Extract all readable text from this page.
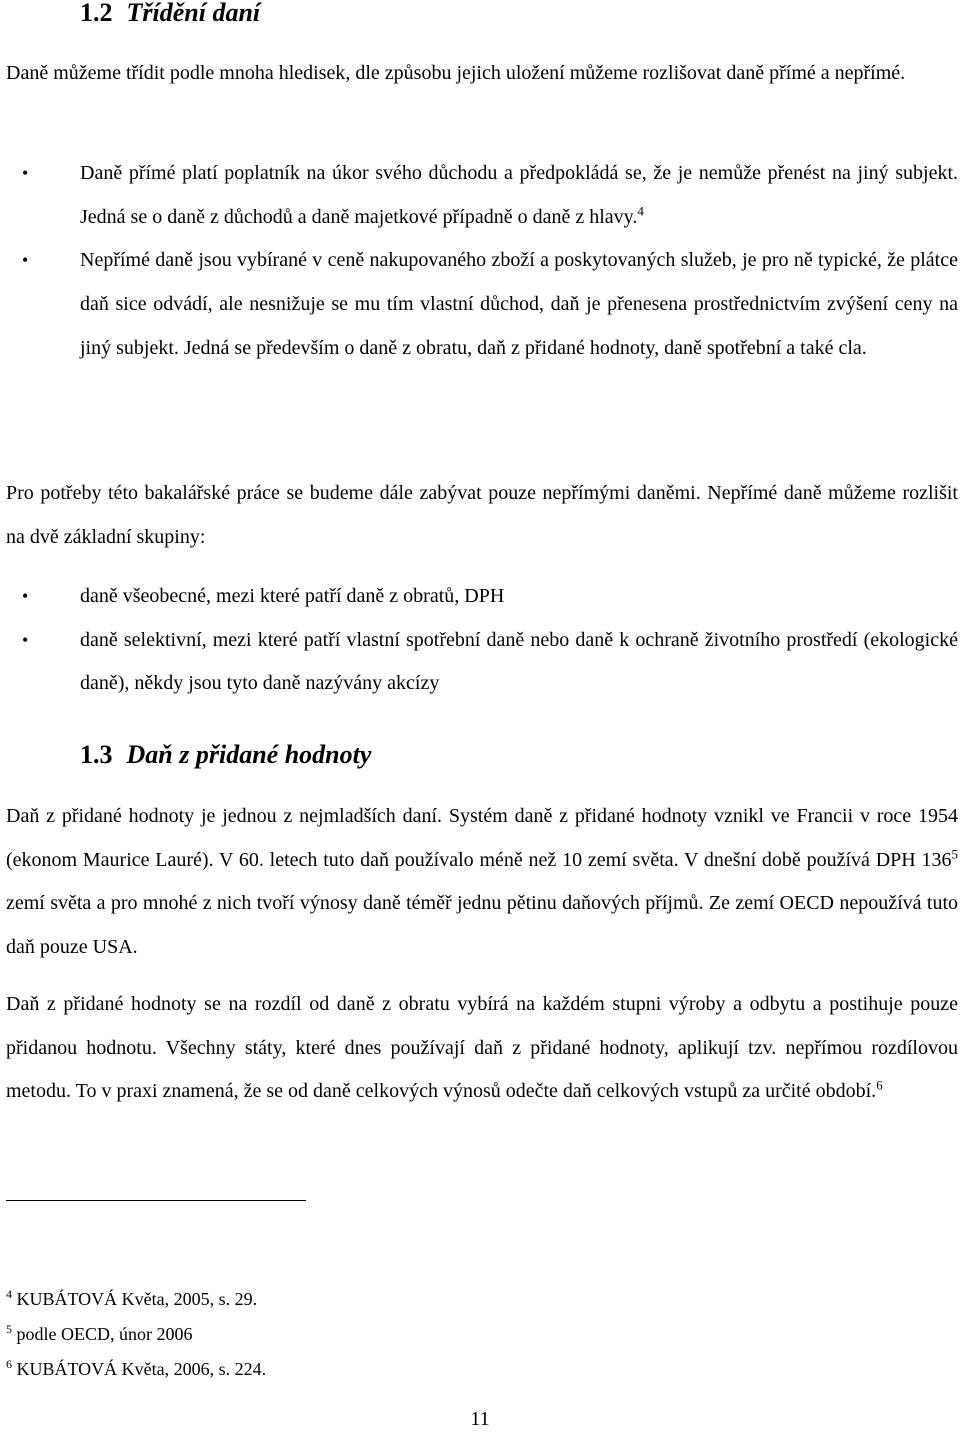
1.2 Třídění daní

Daně můžeme třídit podle mnoha hledisek, dle způsobu jejich uložení můžeme rozlišovat daně přímé a nepřímé.

•	Daně přímé platí poplatník na úkor svého důchodu a předpokládá se, že je nemůže přenést na jiný subjekt. Jedná se o daně z důchodů a daně majetkové případně o daně z hlavy.$^4$
•	Nepřímé daně jsou vybírané v ceně nakupovaného zboží a poskytovaných služeb, je pro ně typické, že plátce daň sice odvádí, ale nesnižuje se mu tím vlastní důchod, daň je přenesena prostřednictvím zvýšení ceny na jiný subjekt. Jedná se především o daně z obratu, daň z přidané hodnoty, daně spotřební a také cla.

Pro potřeby této bakalářské práce se budeme dále zabývat pouze nepřímými daněmi. Nepřímé daně můžeme rozlišit na dvě základní skupiny:

•	daně všeobecné, mezi které patří daně z obratů, DPH
•	daně selektivní, mezi které patří vlastní spotřební daně nebo daně k ochraně životního prostředí (ekologické daně), někdy jsou tyto daně nazývány akcízy
1.3 Daň z přidané hodnoty

Daň z přidané hodnoty je jednou z nejmladších daní. Systém daně z přidané hodnoty vznikl ve Francii v roce 1954 (ekonom Maurice Lauré). V 60. letech tuto daň používalo méně než 10 zemí světa. V dnešní době používá DPH $136^5$ zemí světa a pro mnohé z nich tvoří výnosy daně téměř jednu pětinu daňových příjmů. Ze zemí OECD nepoužívá tuto daň pouze USA.

Daň z přidané hodnoty se na rozdíl od daně z obratu vybírá na každém stupni výroby a odbytu a postihuje pouze přidanou hodnotu. Všechny státy, které dnes používají daň z přidané hodnoty, aplikují tzv. nepřímou rozdílovou metodu. To v praxi znamená, že se od daně celkových výnosů odečte daň celkových vstupů za určité období.$^6$

$^4$ KUBÁTOVÁ Květa, 2005, s. 29.
$^5$ podle OECD, únor 2006
$^6$ KUBÁTOVÁ Květa, 2006, s. 224.
11
